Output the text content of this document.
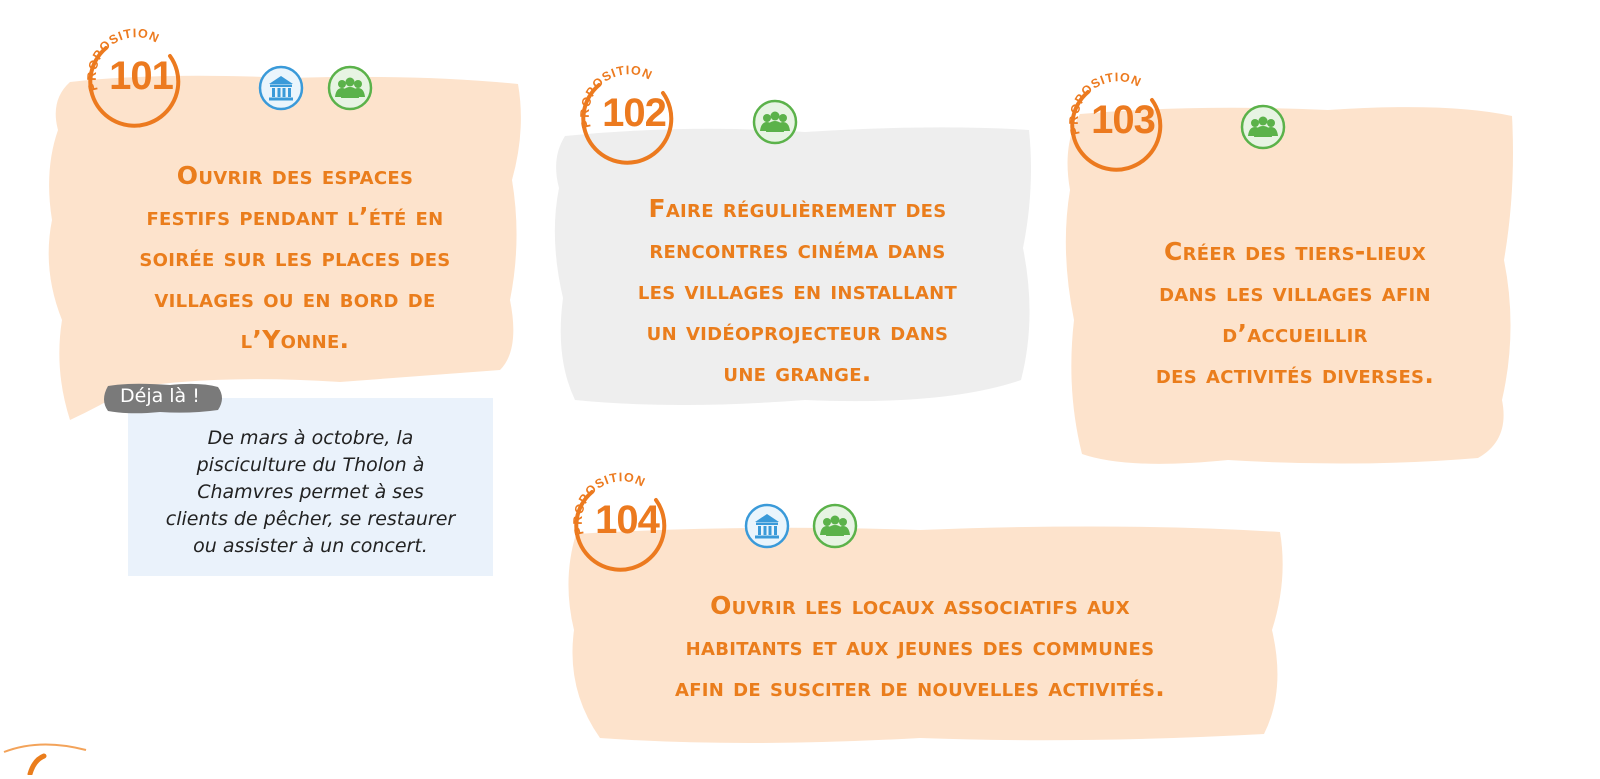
101
102	103
104
Ouvrir des espaces
festifs pendant l’été en
soirée sur les places des
villages ou en bord de
l’Yonne.
Faire régulièrement des
rencontres cinéma dans
les villages en installant
un vidéoprojecteur dans
une grange.
Créer des tiers-lieux
dans les villages afin
d’accueillir
des activités diverses.
Ouvrir les locaux associatifs aux
habitants et aux jeunes des communes
afin de susciter de nouvelles activités.
Déja là !
De mars à octobre, la
pisciculture du Tholon à
Chamvres permet à ses
clients de pêcher, se restaurer
ou assister à un concert.
